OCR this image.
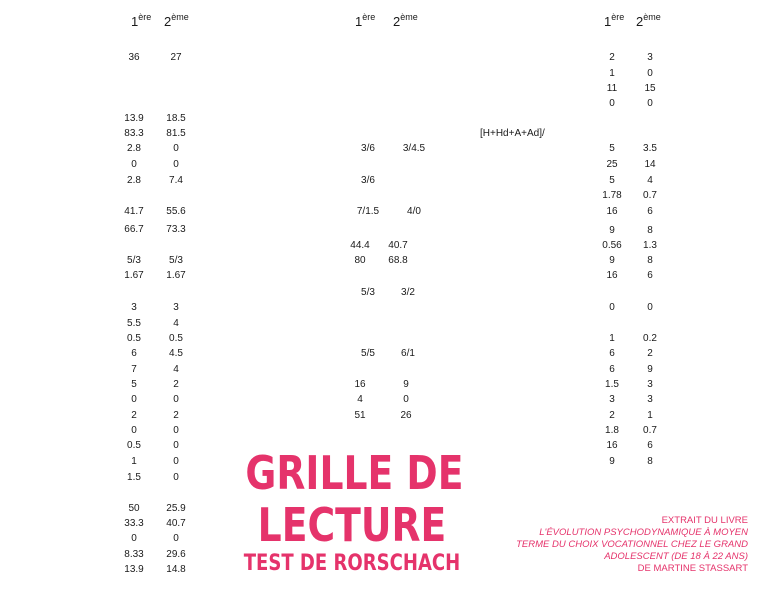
1ère 2ème	1ère 2ème	1ère 2ème
36	27
13.9	18.5
83.3	81.5
2.8	0
0	0
2.8	7.4
41.7	55.6
66.7	73.3
5/3	5/3
1.67	1.67
3	3
5.5	4
0.5	0.5
6	4.5
7	4
5	2
0	0
2	2
0	0
0.5	0
1	0
1.5	0
50	25.9
33.3	40.7
0	0
8.33	29.6
13.9	14.8
3/6	3/4.5
3/6
7/1.5	4/0
44.4	40.7
80	68.8
5/3	3/2
5/5	6/1
16	9
4	0
51	26
2	3
1	0
11	15
0	0
[H+Hd+A+Ad]/
5	3.5
25	14
5	4
1.78	0.7
16	6
9	8
0.56	1.3
9	8
16	6
0	0
1	0.2
6	2
6	9
1.5	3
3	3
2	1
1.8	0.7
16	6
9	8
GRILLE DE
LECTURE
TEST DE RORSCHACH
EXTRAIT DU LIVRE
L'ÉVOLUTION PSYCHODYNAMIQUE À MOYEN
TERME DU CHOIX VOCATIONNEL CHEZ LE GRAND
ADOLESCENT (DE 18 À 22 ANS)
DE MARTINE STASSART
